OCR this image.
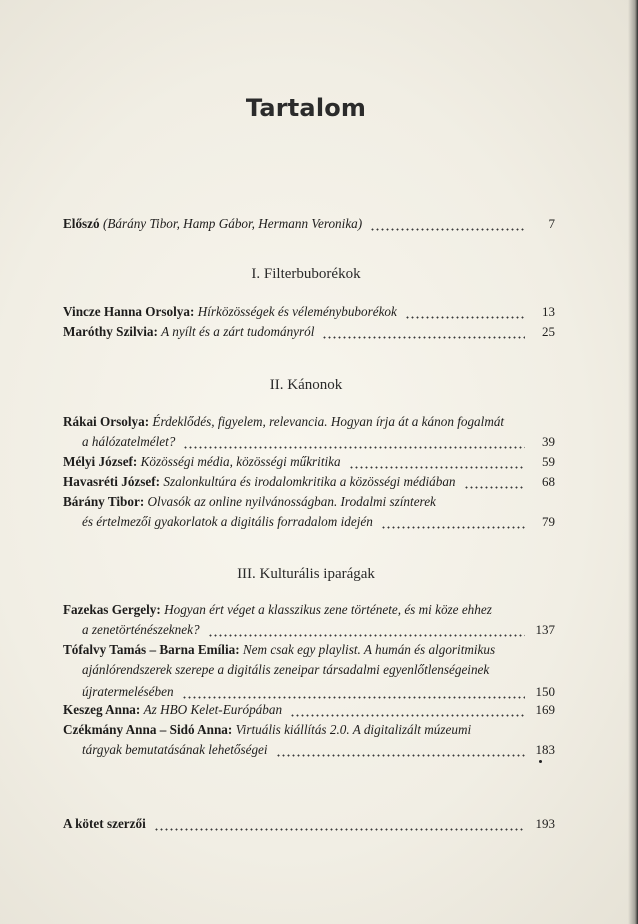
Tartalom
Előszó
(Bárány Tibor, Hamp Gábor, Hermann Veronika)	7
I. Filterbuborékok
Vincze Hanna Orsolya:
Hírközösségek és véleménybuborékok	13
Maróthy Szilvia:
A nyílt és a zárt tudományról	25
II. Kánonok
Rákai Orsolya:
Érdeklődés, figyelem, relevancia. Hogyan írja át a kánon fogalmát
a hálózatelmélet?	39
Mélyi József:
Közösségi média, közösségi műkritika	59
Havasréti József:
Szalonkultúra és irodalomkritika a közösségi médiában	68
Bárány Tibor:
Olvasók az online nyilvánosságban. Irodalmi színterek
és értelmezői gyakorlatok a digitális forradalom idején	79
III. Kulturális iparágak
Fazekas Gergely:
Hogyan ért véget a klasszikus zene története, és mi köze ehhez
a zenetörténészeknek?	137
Tófalvy Tamás – Barna Emília:
Nem csak egy playlist. A humán és algoritmikus
ajánlórendszerek szerepe a digitális zeneipar társadalmi egyenlőtlenségeinek
újratermelésében	150
Keszeg Anna:
Az HBO Kelet-Európában	169
Czékmány Anna – Sidó Anna:
Virtuális kiállítás 2.0. A digitalizált múzeumi
tárgyak bemutatásának lehetőségei	183
A kötet szerzői	193
